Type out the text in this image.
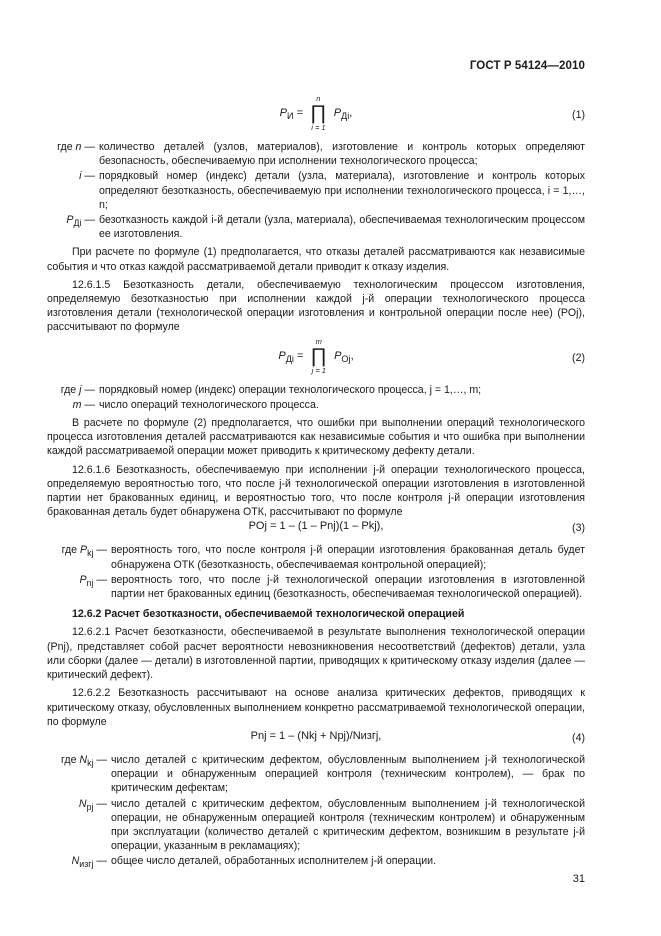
ГОСТ Р 54124—2010
$P_И$ =
n
∏
i = 1
$P_{Дi}$,	(1)
где n — количество деталей (узлов, материалов), изготовление и контроль которых определяют безопасность, обеспечиваемую при исполнении технологического процесса;
i — порядковый номер (индекс) детали (узла, материала), изготовление и контроль которых определяют безотказность, обеспечиваемую при исполнении технологического процесса, i = 1,…, n;
$P_{Дi}$ — безотказность каждой i-й детали (узла, материала), обеспечиваемая технологическим процессом ее изготовления.

При расчете по формуле (1) предполагается, что отказы деталей рассматриваются как независимые события и что отказ каждой рассматриваемой детали приводит к отказу изделия.

12.6.1.5 Безотказность детали, обеспечиваемую технологическим процессом изготовления, определяемую безотказностью при исполнении каждой j-й операции технологического процесса изготовления детали (технологической операции изготовления и контрольной операции после нее) (PОj), рассчитывают по формуле

$P_{Дi}$ =
m
∏
j = 1
$P_{Оj}$,	(2)
где j — порядковый номер (индекс) операции технологического процесса, j = 1,…, m;
m — число операций технологического процесса.

В расчете по формуле (2) предполагается, что ошибки при выполнении операций технологического процесса изготовления деталей рассматриваются как независимые события и что ошибка при выполнении каждой рассматриваемой операции может приводить к критическому дефекту детали.

12.6.1.6 Безотказность, обеспечиваемую при исполнении j-й операции технологического процесса, определяемую вероятностью того, что после j-й технологической операции изготовления в изготовленной партии нет бракованных единиц, и вероятностью того, что после контроля j-й операции изготовления бракованная деталь будет обнаружена ОТК, рассчитывают по формуле

PОj = 1 – (1 – Pnj)(1 – Pkj),	(3)
где $P_{kj}$ — вероятность того, что после контроля j-й операции изготовления бракованная деталь будет обнаружена ОТК (безотказность, обеспечиваемая контрольной операцией);
$P_{nj}$ — вероятность того, что после j-й технологической операции изготовления в изготовленной партии нет бракованных единиц (безотказность, обеспечиваемая технологической операцией).
12.6.2 Расчет безотказности, обеспечиваемой технологической операцией

12.6.2.1 Расчет безотказности, обеспечиваемой в результате выполнения технологической операции (Pnj), представляет собой расчет вероятности невозникновения несоответствий (дефектов) детали, узла или сборки (далее — детали) в изготовленной партии, приводящих к критическому отказу изделия (далее — критический дефект).

12.6.2.2 Безотказность рассчитывают на основе анализа критических дефектов, приводящих к критическому отказу, обусловленных выполнением конкретно рассматриваемой технологической операции, по формуле

Pnj = 1 – (Nkj + Npj)/Nизгj,	(4)
где $N_{kj}$ — число деталей с критическим дефектом, обусловленным выполнением j-й технологической операции и обнаруженным операцией контроля (техническим контролем), — брак по критическим дефектам;
$N_{pj}$ — число деталей с критическим дефектом, обусловленным выполнением j-й технологической операции, не обнаруженным операцией контроля (техническим контролем) и обнаруженным при эксплуатации (количество деталей с критическим дефектом, возникшим в результате j-й операции, указанным в рекламациях);
$N_{изгj}$ — общее число деталей, обработанных исполнителем j-й операции.
31
